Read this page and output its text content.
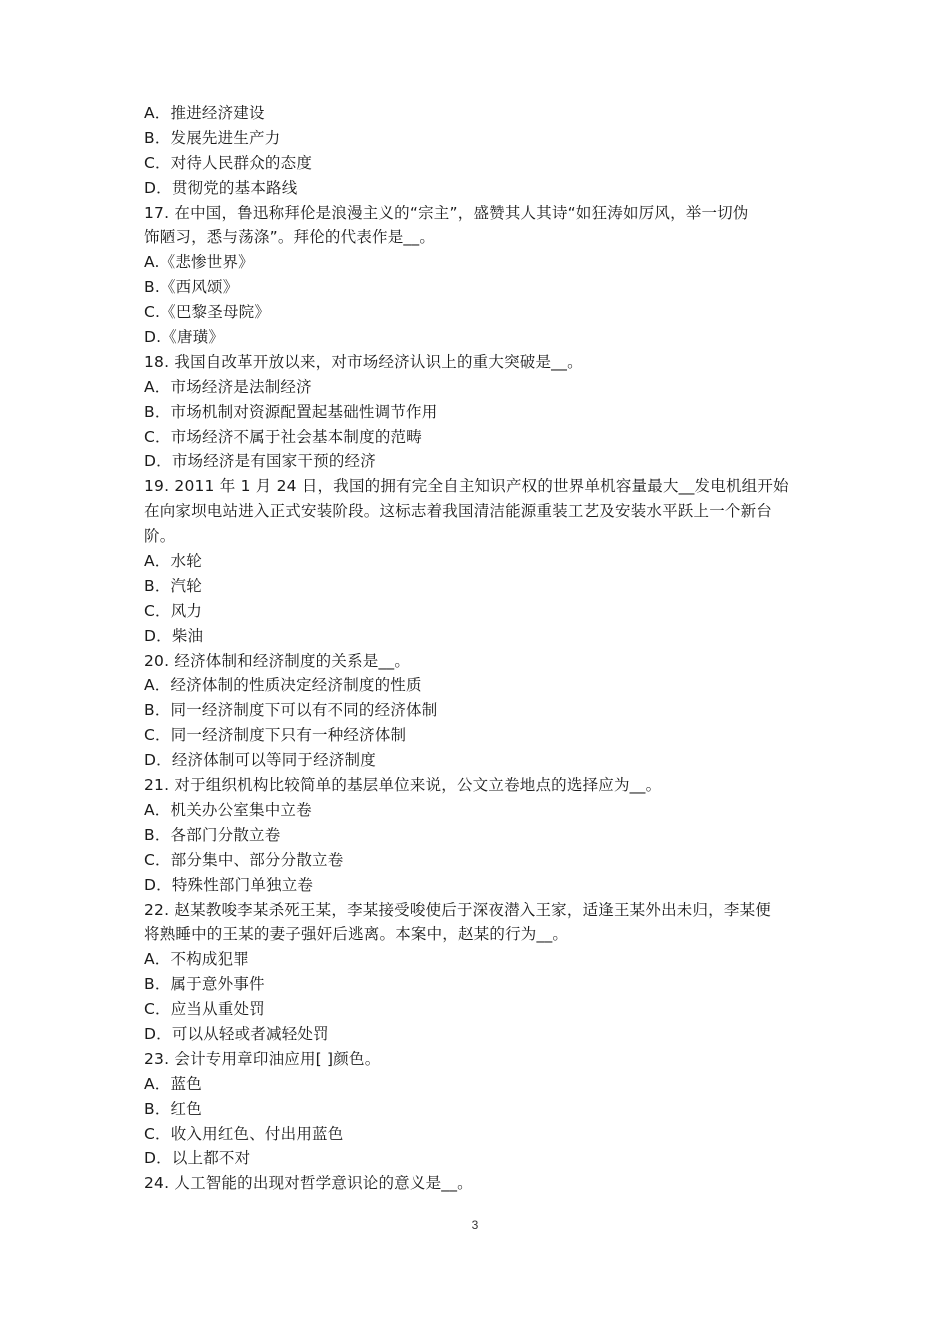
A．推进经济建设
B．发展先进生产力
C．对待人民群众的态度
D．贯彻党的基本路线
17. 在中国，鲁迅称拜伦是浪漫主义的“宗主”，盛赞其人其诗“如狂涛如厉风，举一切伪
饰陋习，悉与荡涤”。拜伦的代表作是__。
A.《悲惨世界》
B.《西风颂》
C.《巴黎圣母院》
D.《唐璜》
18. 我国自改革开放以来，对市场经济认识上的重大突破是__。
A．市场经济是法制经济
B．市场机制对资源配置起基础性调节作用
C．市场经济不属于社会基本制度的范畴
D．市场经济是有国家干预的经济
19. 2011 年 1 月 24 日，我国的拥有完全自主知识产权的世界单机容量最大__发电机组开始
在向家坝电站进入正式安装阶段。这标志着我国清洁能源重装工艺及安装水平跃上一个新台
阶。
A．水轮
B．汽轮
C．风力
D．柴油
20. 经济体制和经济制度的关系是__。
A．经济体制的性质决定经济制度的性质
B．同一经济制度下可以有不同的经济体制
C．同一经济制度下只有一种经济体制
D．经济体制可以等同于经济制度
21. 对于组织机构比较简单的基层单位来说，公文立卷地点的选择应为__。
A．机关办公室集中立卷
B．各部门分散立卷
C．部分集中、部分分散立卷
D．特殊性部门单独立卷
22. 赵某教唆李某杀死王某，李某接受唆使后于深夜潜入王家，适逢王某外出未归，李某便
将熟睡中的王某的妻子强奸后逃离。本案中，赵某的行为__。
A．不构成犯罪
B．属于意外事件
C．应当从重处罚
D．可以从轻或者减轻处罚
23. 会计专用章印油应用[ ]颜色。
A．蓝色
B．红色
C．收入用红色、付出用蓝色
D．以上都不对
24. 人工智能的出现对哲学意识论的意义是__。
3
